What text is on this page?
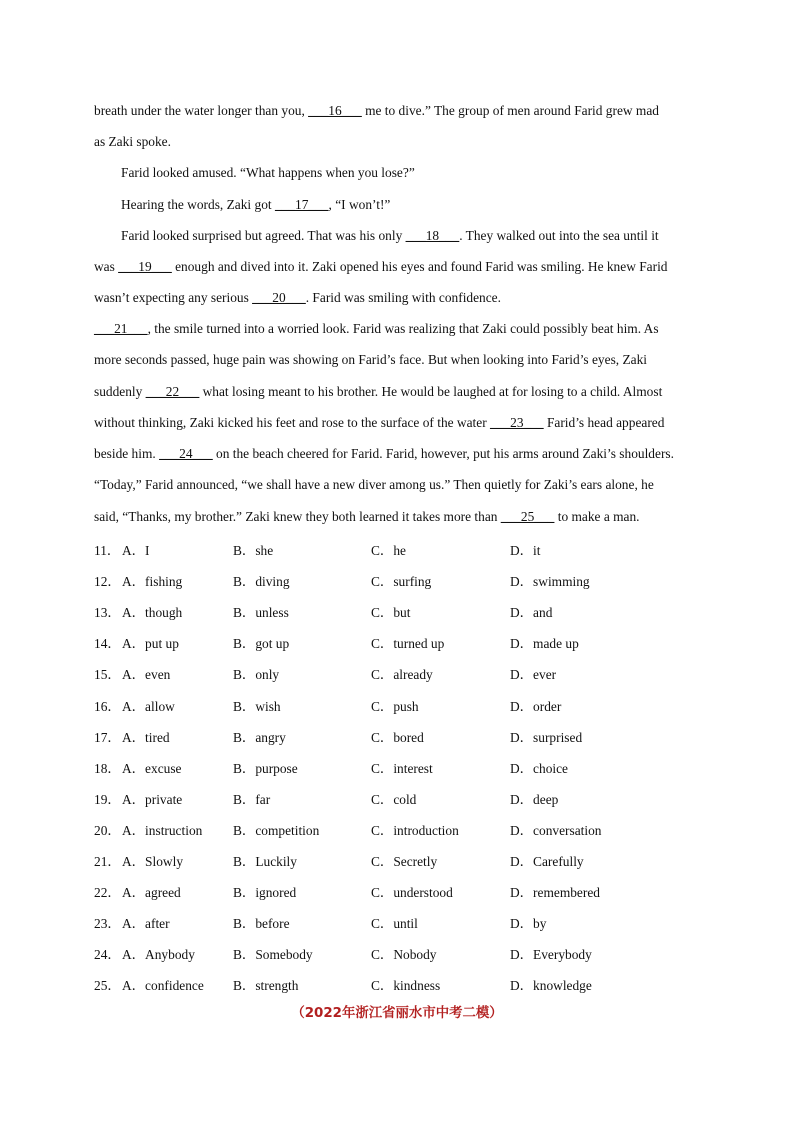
breath under the water longer than you, ___16___ me to dive.” The group of men around Farid grew mad
as Zaki spoke.
Farid looked amused. “What happens when you lose?”
Hearing the words, Zaki got ___17___, “I won’t!”
Farid looked surprised but agreed. That was his only ___18___. They walked out into the sea until it
was ___19___ enough and dived into it. Zaki opened his eyes and found Farid was smiling. He knew Farid
wasn’t expecting any serious ___20___. Farid was smiling with confidence.
___21___, the smile turned into a worried look. Farid was realizing that Zaki could possibly beat him. As
more seconds passed, huge pain was showing on Farid’s face. But when looking into Farid’s eyes, Zaki
suddenly ___22___ what losing meant to his brother. He would be laughed at for losing to a child. Almost
without thinking, Zaki kicked his feet and rose to the surface of the water ___23___ Farid’s head appeared
beside him. ___24___ on the beach cheered for Farid. Farid, however, put his arms around Zaki’s shoulders.
“Today,” Farid announced, “we shall have a new diver among us.” Then quietly for Zaki’s ears alone, he
said, “Thanks, my brother.” Zaki knew they both learned it takes more than ___25___ to make a man.
11． A．I	B．she	C．he	D．it
12． A．fishing	B．diving	C．surfing	D．swimming
13． A．though	B．unless	C．but	D．and
14． A．put up	B．got up	C．turned up	D．made up
15． A．even	B．only	C．already	D．ever
16． A．allow	B．wish	C．push	D．order
17． A．tired	B．angry	C．bored	D．surprised
18． A．excuse	B．purpose	C．interest	D．choice
19． A．private	B．far	C．cold	D．deep
20． A．instruction B．competition	C．introduction	D．conversation
21． A．Slowly	B．Luckily	C．Secretly	D．Carefully
22． A．agreed	B．ignored	C．understood	D．remembered
23． A．after	B．before	C．until	D．by
24． A．Anybody	B．Somebody	C．Nobody	D．Everybody
25． A．confidence B．strength	C．kindness	D．knowledge
（2022年浙江省丽水市中考二模）
